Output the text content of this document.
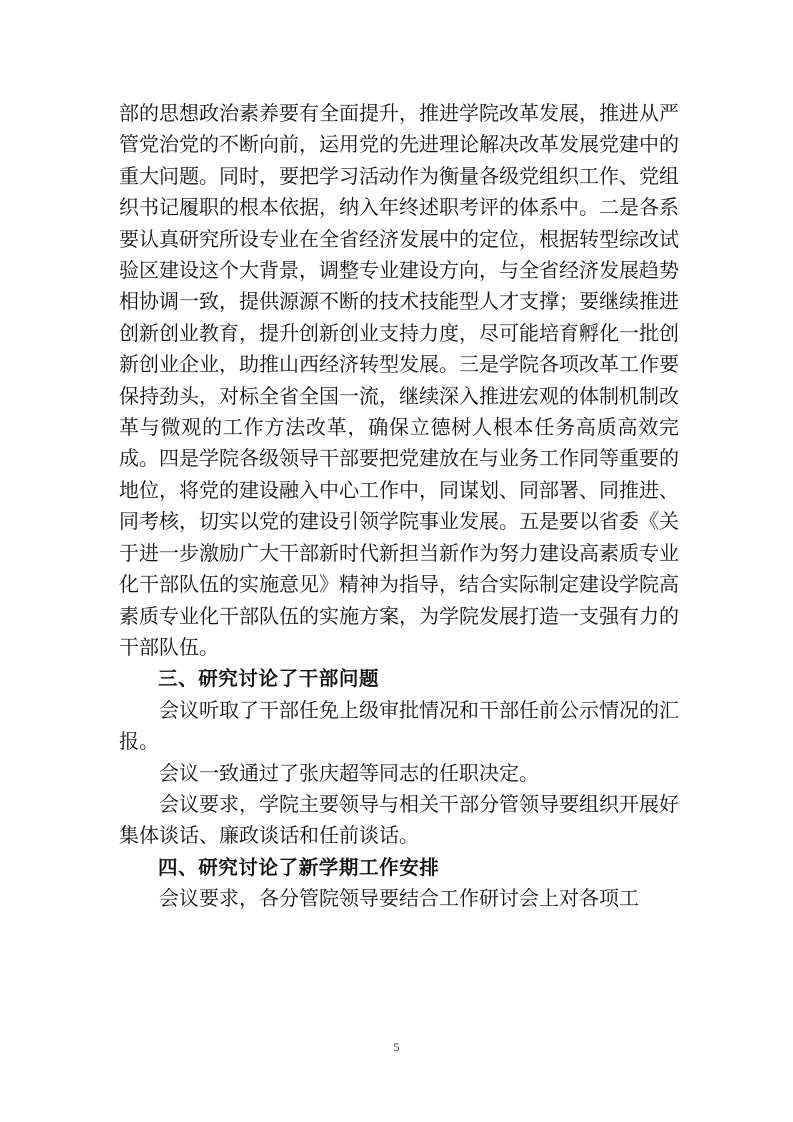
部的思想政治素养要有全面提升，推进学院改革发展，推进从严管党治党的不断向前，运用党的先进理论解决改革发展党建中的重大问题。同时，要把学习活动作为衡量各级党组织工作、党组织书记履职的根本依据，纳入年终述职考评的体系中。二是各系要认真研究所设专业在全省经济发展中的定位，根据转型综改试验区建设这个大背景，调整专业建设方向，与全省经济发展趋势相协调一致，提供源源不断的技术技能型人才支撑；要继续推进创新创业教育，提升创新创业支持力度，尽可能培育孵化一批创新创业企业，助推山西经济转型发展。三是学院各项改革工作要保持劲头，对标全省全国一流，继续深入推进宏观的体制机制改革与微观的工作方法改革，确保立德树人根本任务高质高效完成。四是学院各级领导干部要把党建放在与业务工作同等重要的地位，将党的建设融入中心工作中，同谋划、同部署、同推进、同考核，切实以党的建设引领学院事业发展。五是要以省委《关于进一步激励广大干部新时代新担当新作为努力建设高素质专业化干部队伍的实施意见》精神为指导，结合实际制定建设学院高素质专业化干部队伍的实施方案，为学院发展打造一支强有力的干部队伍。

三、研究讨论了干部问题

会议听取了干部任免上级审批情况和干部任前公示情况的汇报。

会议一致通过了张庆超等同志的任职决定。

会议要求，学院主要领导与相关干部分管领导要组织开展好集体谈话、廉政谈话和任前谈话。

四、研究讨论了新学期工作安排

会议要求，各分管院领导要结合工作研讨会上对各项工

5
